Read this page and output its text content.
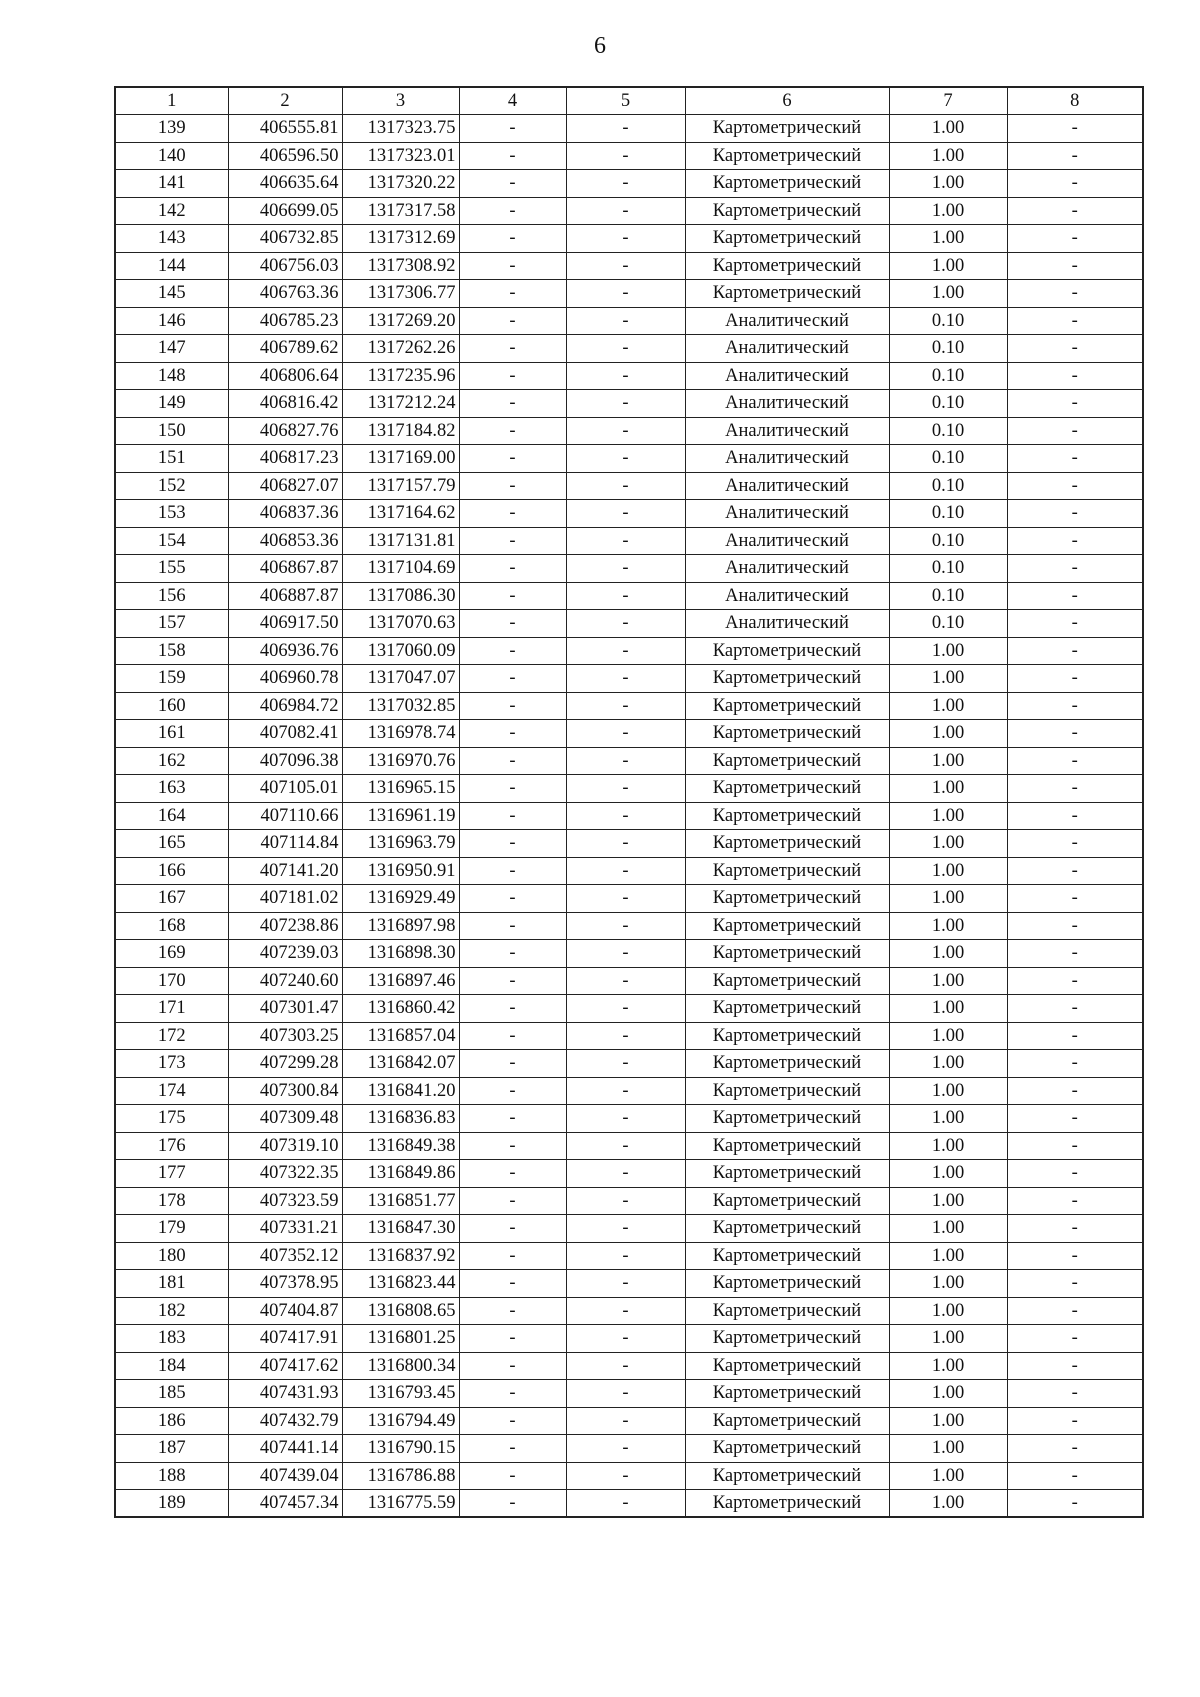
6
1	2	3	4	5	6	7	8
139	406555.81	1317323.75	-	-	Картометрический	1.00	-
140	406596.50	1317323.01	-	-	Картометрический	1.00	-
141	406635.64	1317320.22	-	-	Картометрический	1.00	-
142	406699.05	1317317.58	-	-	Картометрический	1.00	-
143	406732.85	1317312.69	-	-	Картометрический	1.00	-
144	406756.03	1317308.92	-	-	Картометрический	1.00	-
145	406763.36	1317306.77	-	-	Картометрический	1.00	-
146	406785.23	1317269.20	-	-	Аналитический	0.10	-
147	406789.62	1317262.26	-	-	Аналитический	0.10	-
148	406806.64	1317235.96	-	-	Аналитический	0.10	-
149	406816.42	1317212.24	-	-	Аналитический	0.10	-
150	406827.76	1317184.82	-	-	Аналитический	0.10	-
151	406817.23	1317169.00	-	-	Аналитический	0.10	-
152	406827.07	1317157.79	-	-	Аналитический	0.10	-
153	406837.36	1317164.62	-	-	Аналитический	0.10	-
154	406853.36	1317131.81	-	-	Аналитический	0.10	-
155	406867.87	1317104.69	-	-	Аналитический	0.10	-
156	406887.87	1317086.30	-	-	Аналитический	0.10	-
157	406917.50	1317070.63	-	-	Аналитический	0.10	-
158	406936.76	1317060.09	-	-	Картометрический	1.00	-
159	406960.78	1317047.07	-	-	Картометрический	1.00	-
160	406984.72	1317032.85	-	-	Картометрический	1.00	-
161	407082.41	1316978.74	-	-	Картометрический	1.00	-
162	407096.38	1316970.76	-	-	Картометрический	1.00	-
163	407105.01	1316965.15	-	-	Картометрический	1.00	-
164	407110.66	1316961.19	-	-	Картометрический	1.00	-
165	407114.84	1316963.79	-	-	Картометрический	1.00	-
166	407141.20	1316950.91	-	-	Картометрический	1.00	-
167	407181.02	1316929.49	-	-	Картометрический	1.00	-
168	407238.86	1316897.98	-	-	Картометрический	1.00	-
169	407239.03	1316898.30	-	-	Картометрический	1.00	-
170	407240.60	1316897.46	-	-	Картометрический	1.00	-
171	407301.47	1316860.42	-	-	Картометрический	1.00	-
172	407303.25	1316857.04	-	-	Картометрический	1.00	-
173	407299.28	1316842.07	-	-	Картометрический	1.00	-
174	407300.84	1316841.20	-	-	Картометрический	1.00	-
175	407309.48	1316836.83	-	-	Картометрический	1.00	-
176	407319.10	1316849.38	-	-	Картометрический	1.00	-
177	407322.35	1316849.86	-	-	Картометрический	1.00	-
178	407323.59	1316851.77	-	-	Картометрический	1.00	-
179	407331.21	1316847.30	-	-	Картометрический	1.00	-
180	407352.12	1316837.92	-	-	Картометрический	1.00	-
181	407378.95	1316823.44	-	-	Картометрический	1.00	-
182	407404.87	1316808.65	-	-	Картометрический	1.00	-
183	407417.91	1316801.25	-	-	Картометрический	1.00	-
184	407417.62	1316800.34	-	-	Картометрический	1.00	-
185	407431.93	1316793.45	-	-	Картометрический	1.00	-
186	407432.79	1316794.49	-	-	Картометрический	1.00	-
187	407441.14	1316790.15	-	-	Картометрический	1.00	-
188	407439.04	1316786.88	-	-	Картометрический	1.00	-
189	407457.34	1316775.59	-	-	Картометрический	1.00	-
